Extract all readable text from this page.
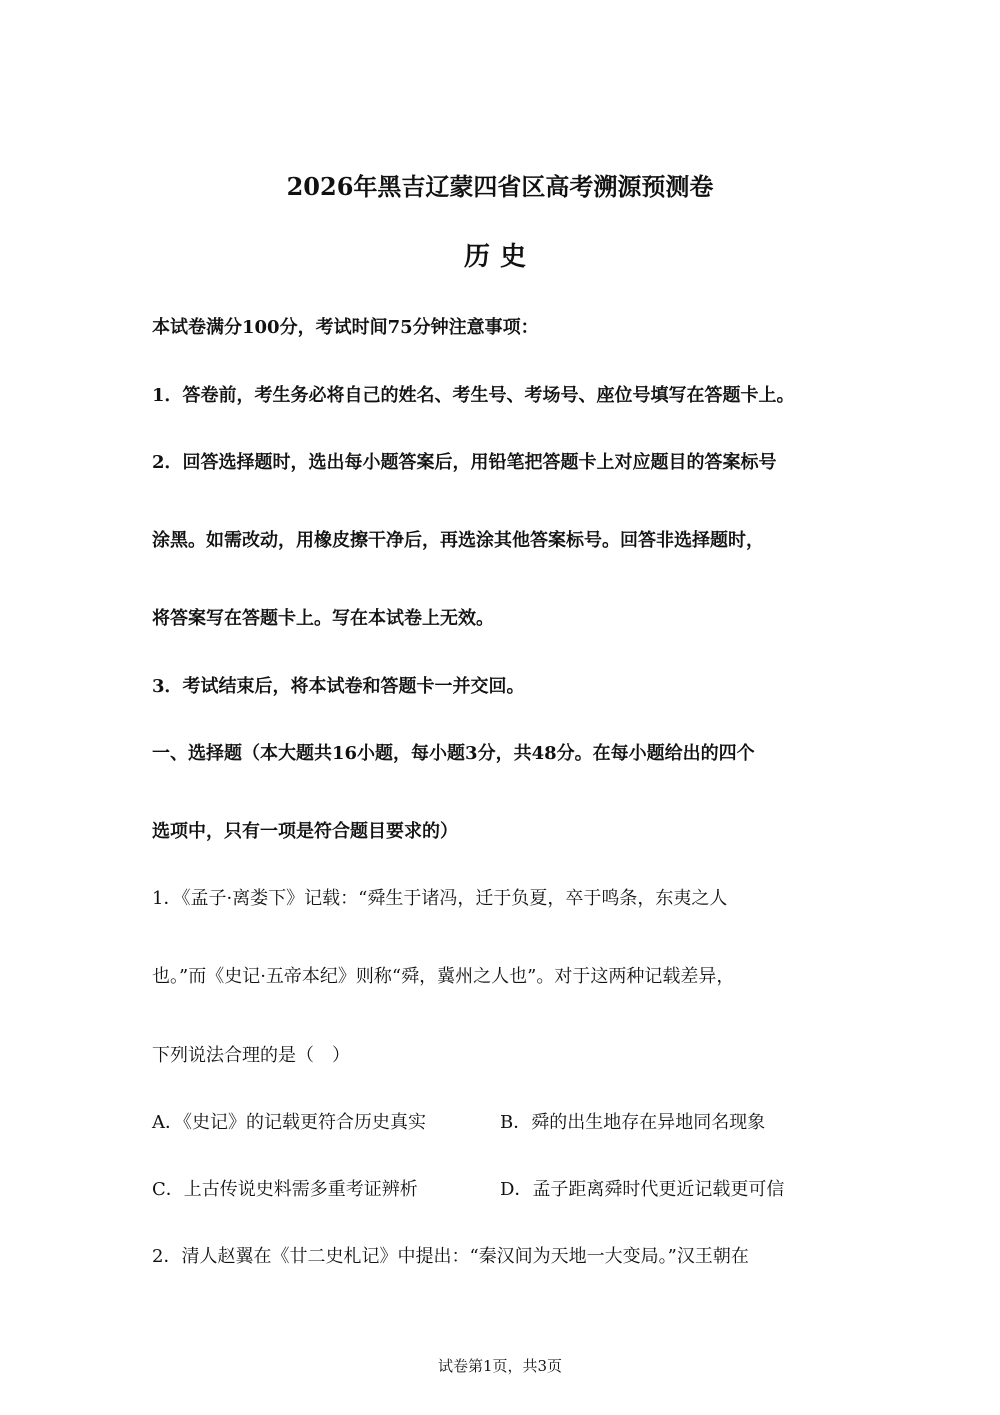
2026年黑吉辽蒙四省区高考溯源预测卷
历史
本试卷满分100分，考试时间75分钟注意事项：
1．答卷前，考生务必将自己的姓名、考生号、考场号、座位号填写在答题卡上。
2．回答选择题时，选出每小题答案后，用铅笔把答题卡上对应题目的答案标号
涂黑。如需改动，用橡皮擦干净后，再选涂其他答案标号。回答非选择题时，
将答案写在答题卡上。写在本试卷上无效。
3．考试结束后，将本试卷和答题卡一并交回。
一、选择题（本大题共16小题，每小题3分，共48分。在每小题给出的四个
选项中，只有一项是符合题目要求的）
1．《孟子·离娄下》记载：“舜生于诸冯，迁于负夏，卒于鸣条，东夷之人
也。”而《史记·五帝本纪》则称“舜，冀州之人也”。对于这两种记载差异，
下列说法合理的是（　）
A．《史记》的记载更符合历史真实	B．舜的出生地存在异地同名现象
C．上古传说史料需多重考证辨析	D．孟子距离舜时代更近记载更可信
2．清人赵翼在《廿二史札记》中提出：“秦汉间为天地一大变局。”汉王朝在
试卷第1页，共3页
